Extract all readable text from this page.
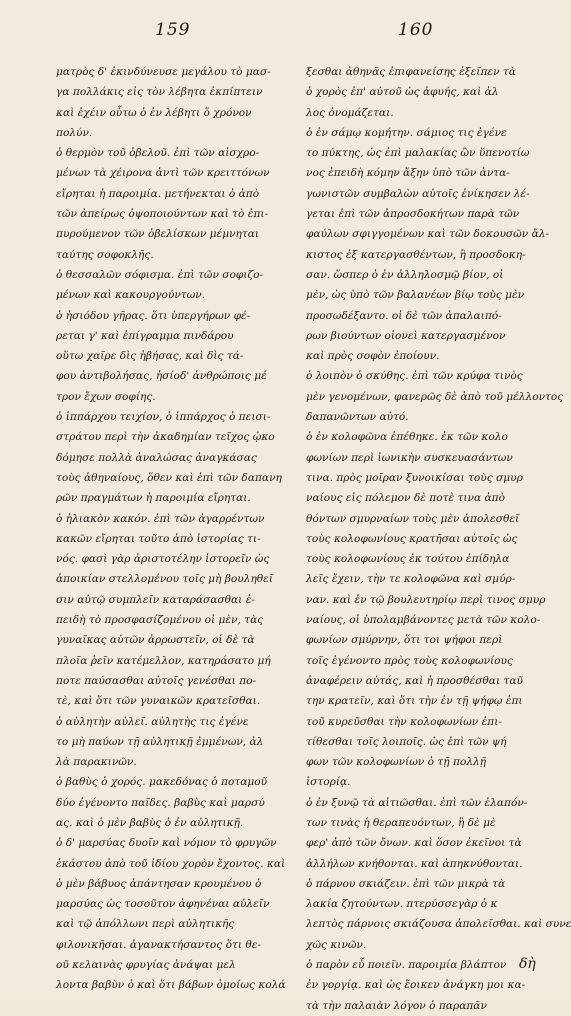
159	160
ματρὸς δ' ἐκινδύνευσε μεγάλου τὸ μασ-
γα πολλάκις εἰς τὸν λέβητα ἐκπίπτειν
καὶ ἐχέιν οὗτω ὁ ἐν λέβητι ὅ χρόνον
πολύν.
ὁ θερμὸν τοῦ ὀβελοῦ. ἐπὶ τῶν αἰσχρο-
μένων τὰ χέιρονα ἀντὶ τῶν κρειττόνων
εἴρηται ἡ παροιμία. μετήνεκται ὁ ἀπὸ
τῶν ἀπείρως ὀψοποιούντων καὶ τὸ ἐπι-
πυρούμενον τῶν ὀβελίσκων μέμνηται
ταύτης σοφοκλῆς.
ὁ θεσσαλῶν σόφισμα. ἐπὶ τῶν σοφιζο-
μένων καὶ κακουργούντων.
ὁ ἡσιόδου γῆρας. ὅτι ὑπεργήρων φέ-
ρεται γ' καὶ ἐπίγραμμα πινδάρου
οὕτω χαῖρε δὶς ἡβήσας, καὶ δὶς τά-
φου ἀντιβολήσας, ἡσίοδ' ἀνθρώποις μέ
τρον ἔχων σοφίης.
ὁ ἱππάρχου τειχίον, ὁ ἱππάρχος ὁ πεισι-
στράτου περὶ τὴν ἀκαδημίαν τεῖχος ᾠκο
δόμησε πολλὰ ἀναλώσας ἀναγκάσας
τοὺς ἀθηναίους, ὅθεν καὶ ἐπὶ τῶν δαπανη
ρῶν πραγμάτων ἡ παροιμία εἴρηται.
ὁ ἠλιακὸν κακόν. ἐπὶ τῶν ἀγαρρέντων
κακῶν εἴρηται τοῦτο ἀπὸ ἱστορίας τι-
νός. φασὶ γὰρ ἀριστοτέλην ἱστορεῖν ὡς
ἀποικίαν στελλομένου τοῖς μὴ βουληθεῖ
σιν αὐτῷ συμπλεῖν καταράσασθαι ἐ-
πειδὴ τὸ προσφασίζομένου οἱ μὲν, τὰς
γυναῖκας αὐτῶν ἀρρωστεῖν, οἱ δὲ τὰ
πλοῖα ῥεῖν κατέμελλον, κατηράσατο μή
ποτε παύσασθαι αὐτοῖς γενέσθαι πο-
τὲ, καὶ ὅτι τῶν γυναικῶν κρατεῖσθαι.
ὁ αὐλητὴν αὐλεῖ. αὐλητὴς τις ἐγένε
το μὴ παύων τῇ αὐλητικῇ ἐμμένων, ἀλ
λὰ παρακινῶν.
ὁ βαθὺς ὁ χορός. μακεδόνας ὁ ποταμοῦ
δύο ἐγένοντο παῖδες. βαβὺς καὶ μαρσύ
ας. καὶ ὁ μὲν βαβὺς ὁ ἐν αὐλητικῇ.
ὁ δ' μαρσύας δυοῖν καὶ νόμον τὸ φρυγῶν
ἑκάστου ἀπὸ τοῦ ἰδίου χορὸν ἔχοντος. καὶ
ὁ μὲν βάβυος ἀπάντησαν κρουμένου ὁ
μαρσύας ὡς τοσοῦτον ἀφηνέναι αὐλεῖν
καὶ τῷ ἀπόλλωνι περὶ αὐλητικῆς
φιλονικῆσαι. ἀγανακτήσαντος ὅτι θε-
οῦ κελαινὰς φρυγίας ἀνάψαι μελ
λοντα βαβὺν ὁ καὶ ὅτι βάβων ὁμοίως κολά
ξεσθαι ἀθηνᾶς ἐπιφανείσης ἐξεῖπεν τὰ
ὁ χορὸς ἐπ' αὐτοῦ ὡς ἀφυής, καὶ ἀλ
λος ὀνομάζεται.
ὁ ἐν σάμῳ κομήτην. σάμιος τις ἐγένε
το πύκτης, ὡς ἐπὶ μαλακίας ὢν ὕπενοτίω
νος ἐπειδὴ κόμην ἄξην ὑπὸ τῶν ἀντα-
γωνιστῶν συμβαλὼν αὐτοῖς ἐνίκησεν λέ-
γεται ἐπὶ τῶν ἀπροσδοκήτων παρὰ τῶν
φαύλων σφιγγομένων καὶ τῶν δοκουσῶν ἄλ-
κιστος ἐξ κατεργασθέντων, ἢ προσδοκη-
σαν. ὥσπερ ὁ ἐν ἀλληλοσμῷ βίον, οἱ
μὲν, ὡς ὑπὸ τῶν βαλανέων βίῳ τοὺς μὲν
προσωδέξαντο. οἱ δὲ τῶν ἀπαλαιπό-
ρων βιούντων οἱονεὶ κατεργασμένον
καὶ πρὸς σοφὸν ἐποίουν.
ὁ λοιπὸν ὁ σκύθης. ἐπὶ τῶν κρύφα τινὸς
μὲν γενομένων, φανερῶς δὲ ἀπὸ τοῦ μέλλοντος
δαπανῶντων αὐτό.
ὁ ἐν κολοφῶνα ἐπέθηκε. ἐκ τῶν κολο
φωνίων περὶ ἰωνικὴν συσκευασάντων
τινα. πρὸς μοῖραν ξυνοικίσαι τοὺς σμυρ
ναίους εἰς πόλεμον δὲ ποτὲ τινα ἀπὸ
θόντων σμυρναίων τοὺς μὲν ἀπολεσθεῖ
τοὺς κολοφωνίους κρατῆσαι αὐτοῖς ὡς
τοὺς κολοφωνίους ἐκ τούτου ἐπίδηλα
λεῖς ἔχειν, τὴν τε κολοφῶνα καὶ σμύρ-
ναν. καὶ ἐν τῷ βουλευτηρίῳ περὶ τινος σμυρ
ναίους, οἱ ὑπολαμβάνοντες μετὰ τῶν κολο-
φωνίων σμύρνην, ὅτι τοι ψήφοι περὶ
τοῖς ἐγένοντο πρὸς τοὺς κολοφωνίους
ἀναφέρειν αὐτάς, καὶ ἡ προσθέσθαι ταῦ
την κρατεῖν, καὶ ὅτι τὴν ἐν τῇ ψήφῳ ἐπι
τοῦ κυρεῦσθαι τὴν κολοφωνίων ἐπι-
τίθεσθαι τοῖς λοιποῖς. ὡς ἐπὶ τῶν ψή
φων τῶν κολοφωνίων ὁ τῇ πολλῇ
ἱστορίᾳ.
ὁ ἐν ξυνῷ τὰ αἰτιῶσθαι. ἐπὶ τῶν ἐλαπόν-
των τινὰς ἡ θεραπευόντων, ἢ δὲ μὲ
φερ' ἀπὸ τῶν ὄνων. καὶ ὅσον ἐκεῖνοι τὰ
ἀλλήλων κνήθονται. καὶ ἀπηκνύθονται.
ὁ πάρνου σκιάζειν. ἐπὶ τῶν μικρὰ τὰ
λακία ζητούντων. πτερύσσεγὰρ ὁ κ
λεπτὸς πάρνοις σκιάζουσα ἀπολεῖσθαι. καὶ συνε
χῶς κινῶν.
ὁ παρὸν εὖ ποιεῖν. παροιμία βλάπτον
ἐν γοργίᾳ. καὶ ὡς ἔοικεν ἀνάγκη μοι κα-
τὰ τὴν παλαιὰν λόγον ὁ παραπᾶν
δὴ
